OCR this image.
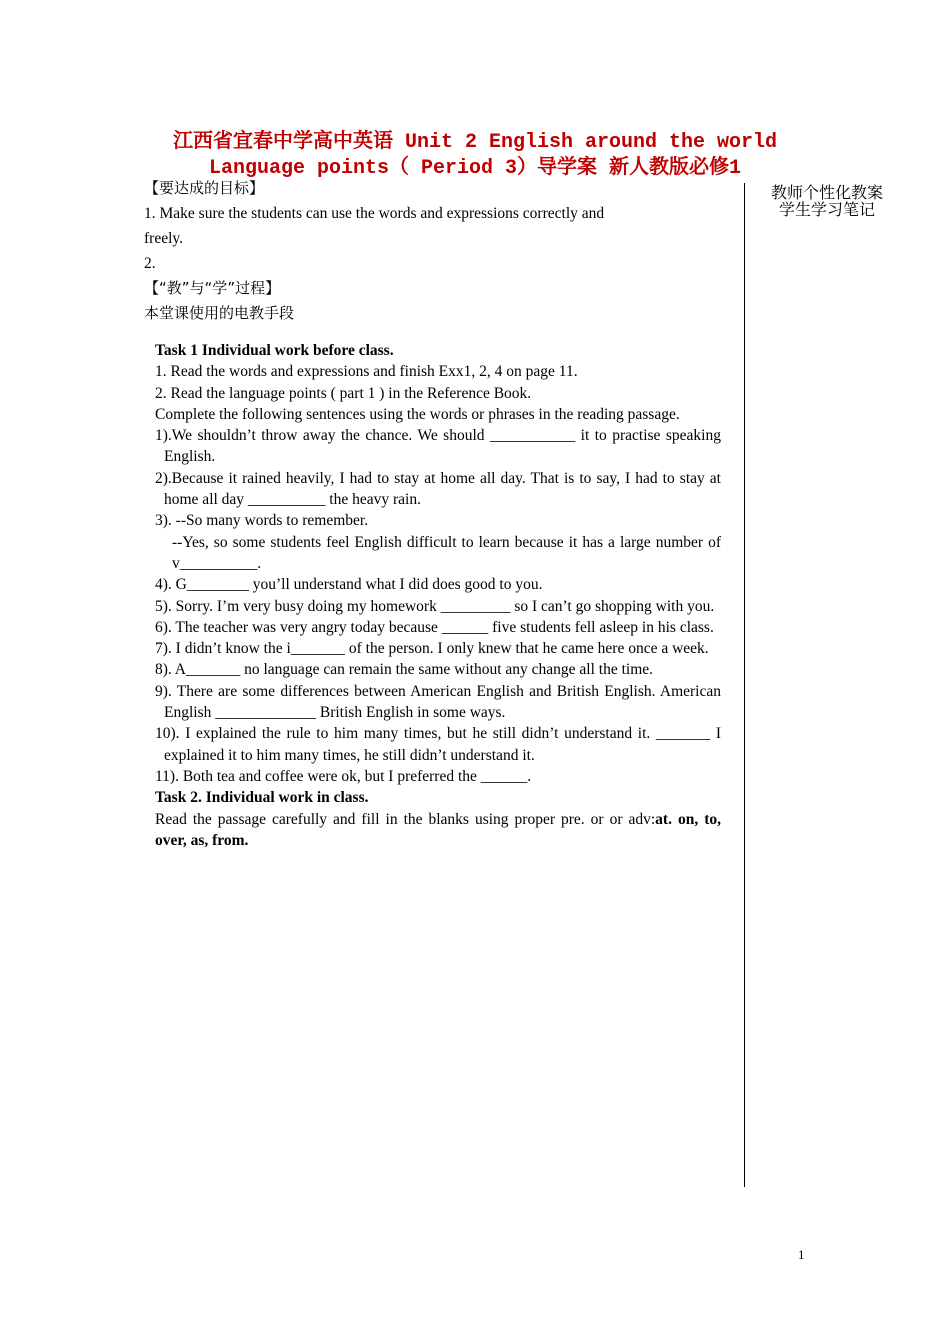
江西省宜春中学高中英语 Unit 2 English around the world
Language points（ Period 3）导学案 新人教版必修1
教师个性化教案
学生学习笔记
【要达成的目标】
1. Make sure the students can use the words and expressions correctly and
freely.
2.
【“教”与“学”过程】
本堂课使用的电教手段

Task 1 Individual work before class.

1. Read the words and expressions and finish Exx1, 2, 4 on page 11.

2. Read the language points ( part 1 ) in the Reference Book.

Complete the following sentences using the words or phrases in the reading passage.

1).We shouldn’t throw away the chance. We should ___________ it to practise speaking English.

2).Because it rained heavily, I had to stay at home all day. That is to say, I had to stay at home all day __________ the heavy rain.

3). --So many words to remember.

--Yes, so some students feel English difficult to learn because it has a large number of v__________.

4). G________ you’ll understand what I did does good to you.

5). Sorry. I’m very busy doing my homework _________ so I can’t go shopping with you.

6). The teacher was very angry today because ______ five students fell asleep in his class.

7). I didn’t know the i_______ of the person. I only knew that he came here once a week.

8). A_______ no language can remain the same without any change all the time.

9). There are some differences between American English and British English. American English _____________ British English in some ways.

10). I explained the rule to him many times, but he still didn’t understand it. _______ I explained it to him many times, he still didn’t understand it.

11). Both tea and coffee were ok, but I preferred the ______.

Task 2. Individual work in class.

Read the passage carefully and fill in the blanks using proper pre. or or adv:at. on, to, over, as, from.

1
